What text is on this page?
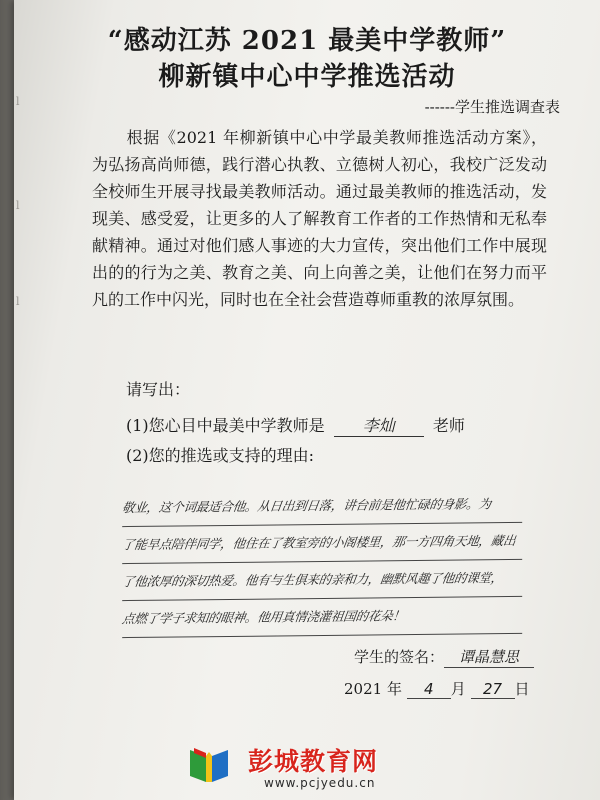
l
l
l
“感动江苏 2021 最美中学教师”
柳新镇中心中学推选活动
------学生推选调查表
根据《2021 年柳新镇中心中学最美教师推选活动方案》，为弘扬高尚师德，践行潜心执教、立德树人初心，我校广泛发动全校师生开展寻找最美教师活动。通过最美教师的推选活动，发现美、感受爱，让更多的人了解教育工作者的工作热情和无私奉献精神。通过对他们感人事迹的大力宣传，突出他们工作中展现出的的行为之美、教育之美、向上向善之美，让他们在努力而平凡的工作中闪光，同时也在全社会营造尊师重教的浓厚氛围。
请写出：
(1)您心目中最美中学教师是 李灿 老师
(2)您的推选或支持的理由:
敬业，这个词最适合他。从日出到日落，讲台前是他忙碌的身影。为
了能早点陪伴同学，他住在了教室旁的小阁楼里，那一方四角天地，藏出
了他浓厚的深切热爱。他有与生俱来的亲和力，幽默风趣了他的课堂，
点燃了学子求知的眼神。他用真情浇灌祖国的花朵！
学生的签名： 谭晶慧思
2021 年 4 月 27 日
彭城教育网
www.pcjyedu.cn
